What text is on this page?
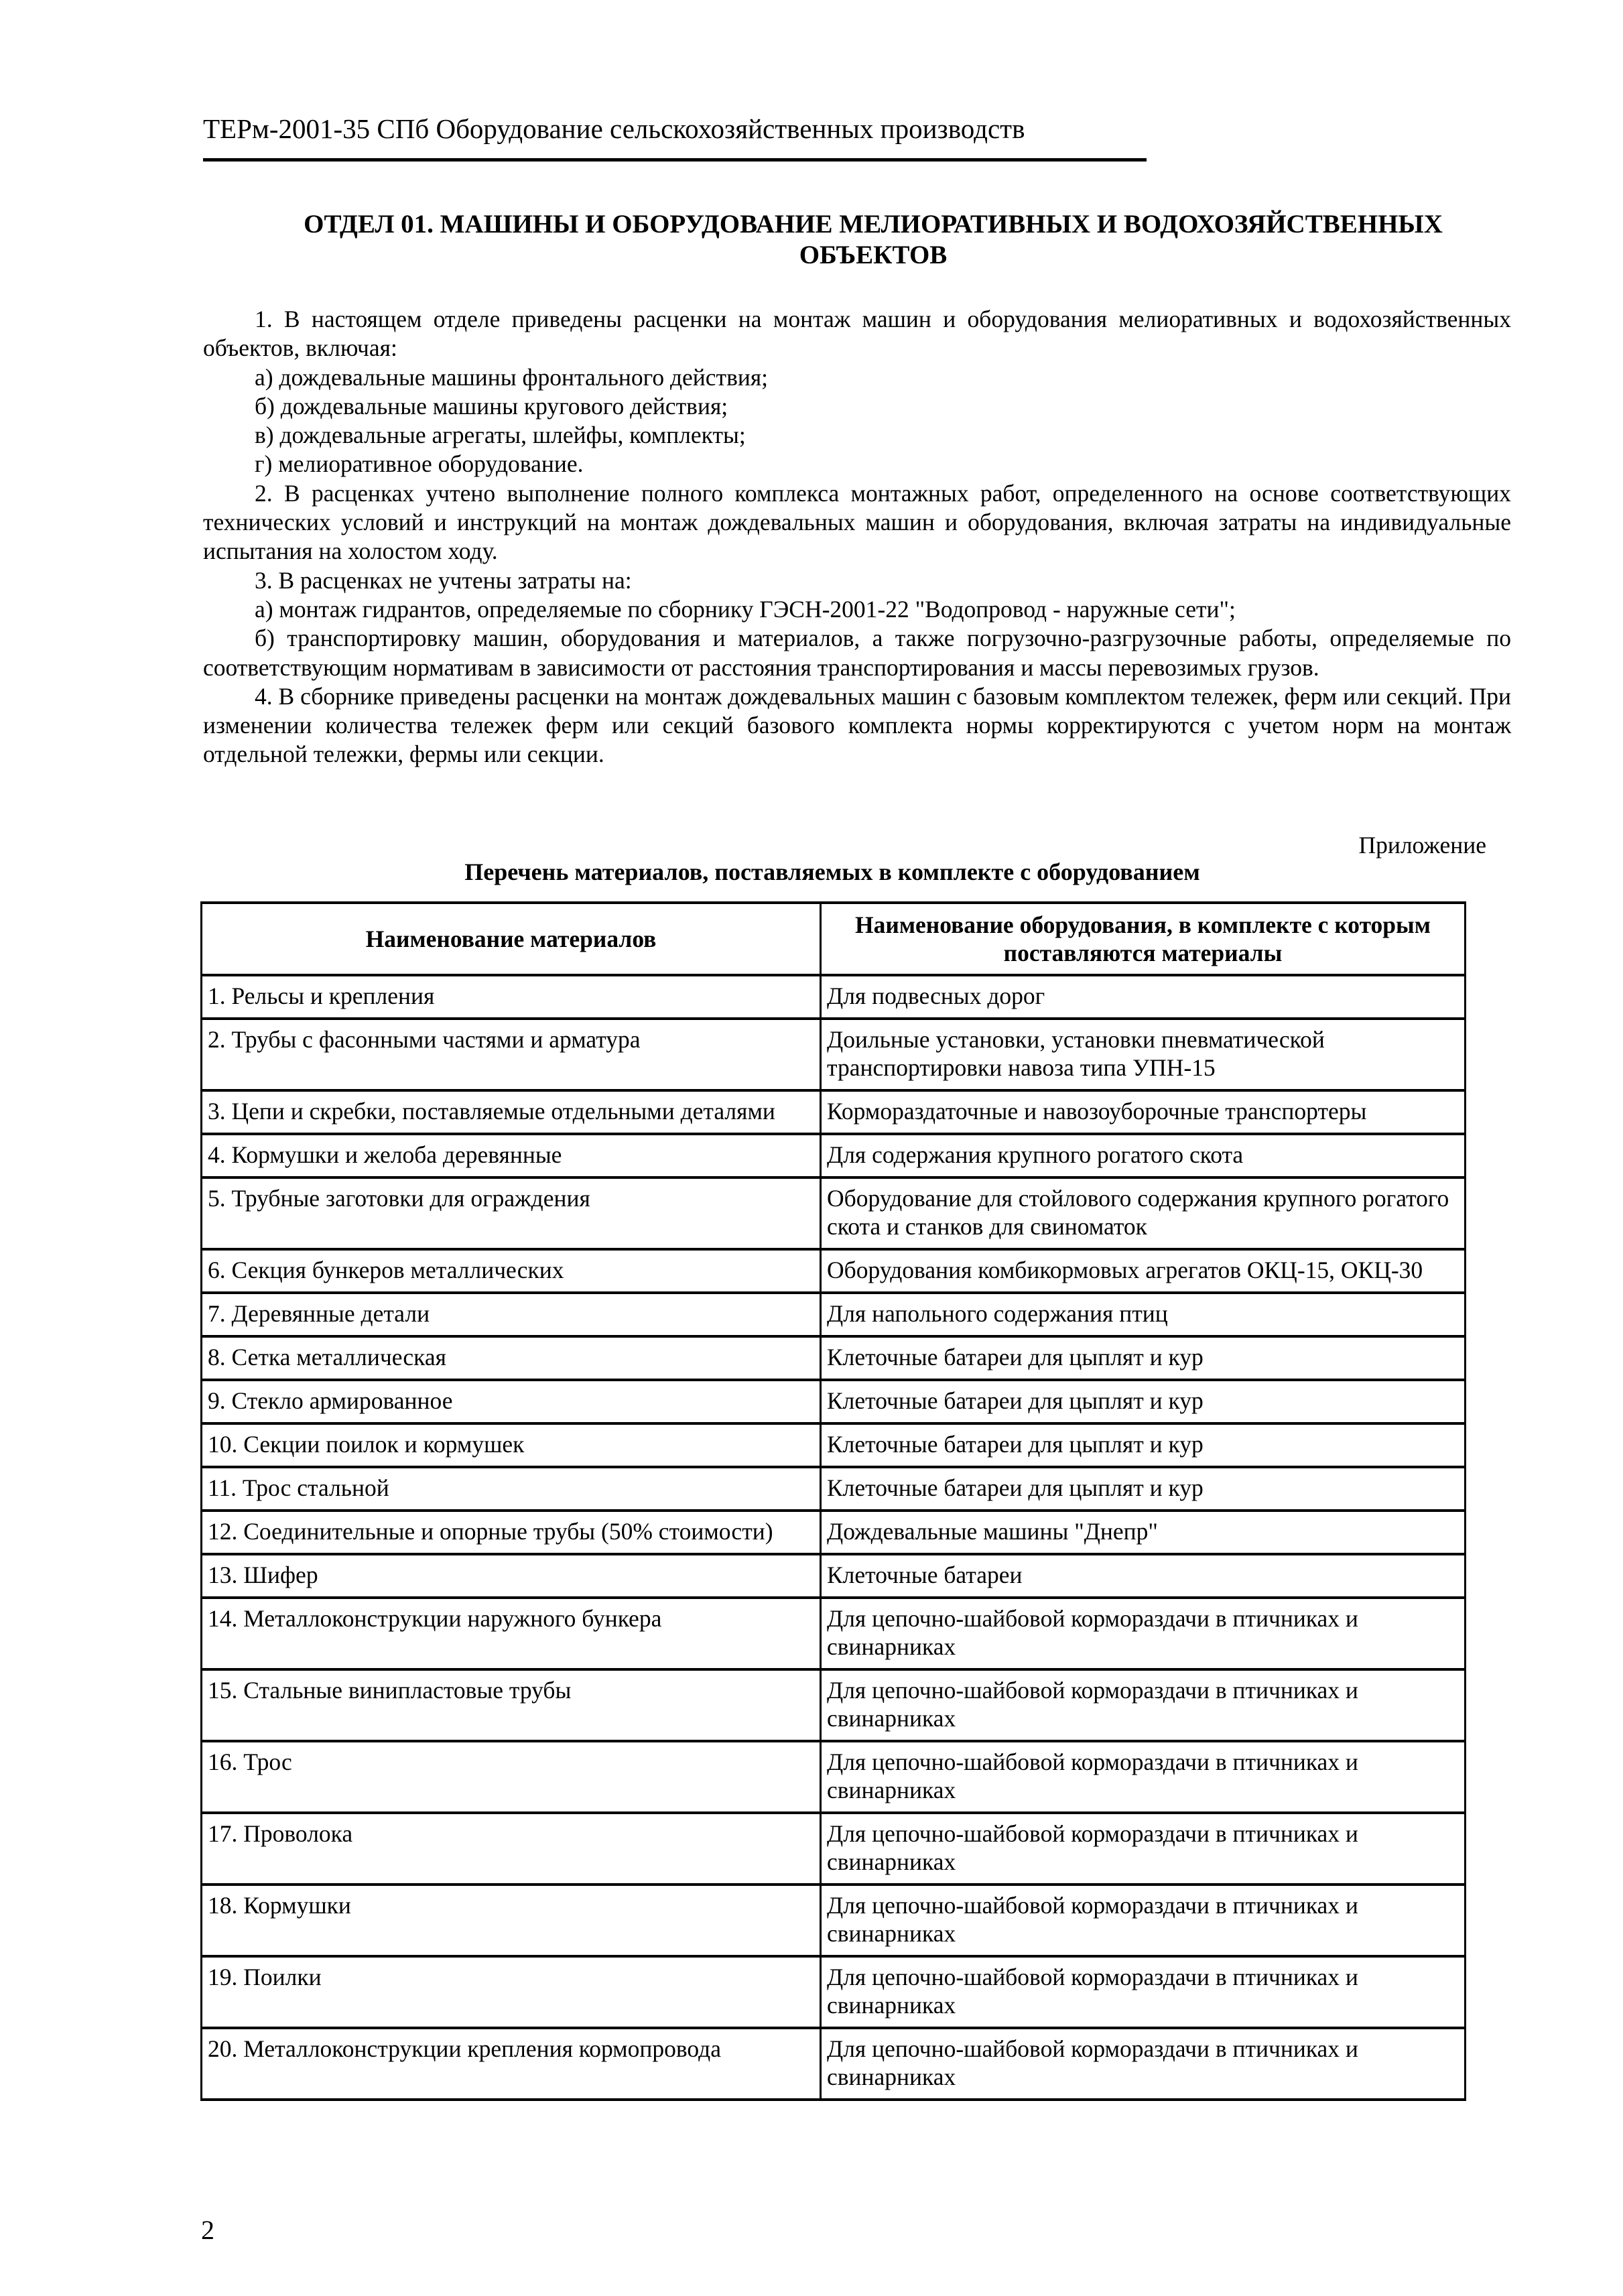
ТЕРм-2001-35 СПб Оборудование сельскохозяйственных производств
ОТДЕЛ 01. МАШИНЫ И ОБОРУДОВАНИЕ МЕЛИОРАТИВНЫХ И ВОДОХОЗЯЙСТВЕННЫХ
ОБЪЕКТОВ

1. В настоящем отделе приведены расценки на монтаж машин и оборудования мелиоративных и водохозяйственных объектов, включая:

а) дождевальные машины фронтального действия;

б) дождевальные машины кругового действия;

в) дождевальные агрегаты, шлейфы, комплекты;

г) мелиоративное оборудование.

2. В расценках учтено выполнение полного комплекса монтажных работ, определенного на основе соответствующих технических условий и инструкций на монтаж дождевальных машин и оборудования, включая затраты на индивидуальные испытания на холостом ходу.

3. В расценках не учтены затраты на:

а) монтаж гидрантов, определяемые по сборнику ГЭСН-2001-22 "Водопровод - наружные сети";

б) транспортировку машин, оборудования и материалов, а также погрузочно-разгрузочные работы, определяемые по соответствующим нормативам в зависимости от расстояния транспортирования и массы перевозимых грузов.

4. В сборнике приведены расценки на монтаж дождевальных машин с базовым комплектом тележек, ферм или секций. При изменении количества тележек ферм или секций базового комплекта нормы корректируются с учетом норм на монтаж отдельной тележки, фермы или секции.

Приложение
Перечень материалов, поставляемых в комплекте с оборудованием
Наименование материалов	Наименование оборудования, в комплекте с которым поставляются материалы
1. Рельсы и крепления	Для подвесных дорог
2. Трубы с фасонными частями и арматура	Доильные установки, установки пневматической транспортировки навоза типа УПН-15
3. Цепи и скребки, поставляемые отдельными деталями	Кормораздаточные и навозоуборочные транспортеры
4. Кормушки и желоба деревянные	Для содержания крупного рогатого скота
5. Трубные заготовки для ограждения	Оборудование для стойлового содержания крупного рогатого скота и станков для свиноматок
6. Секция бункеров металлических	Оборудования комбикормовых агрегатов ОКЦ-15, ОКЦ-30
7. Деревянные детали	Для напольного содержания птиц
8. Сетка металлическая	Клеточные батареи для цыплят и кур
9. Стекло армированное	Клеточные батареи для цыплят и кур
10. Секции поилок и кормушек	Клеточные батареи для цыплят и кур
11. Трос стальной	Клеточные батареи для цыплят и кур
12. Соединительные и опорные трубы (50% стоимости)	Дождевальные машины "Днепр"
13. Шифер	Клеточные батареи
14. Металлоконструкции наружного бункера	Для цепочно-шайбовой кормораздачи в птичниках и свинарниках
15. Стальные винипластовые трубы	Для цепочно-шайбовой кормораздачи в птичниках и свинарниках
16. Трос	Для цепочно-шайбовой кормораздачи в птичниках и свинарниках
17. Проволока	Для цепочно-шайбовой кормораздачи в птичниках и свинарниках
18. Кормушки	Для цепочно-шайбовой кормораздачи в птичниках и свинарниках
19. Поилки	Для цепочно-шайбовой кормораздачи в птичниках и свинарниках
20. Металлоконструкции крепления кормопровода	Для цепочно-шайбовой кормораздачи в птичниках и свинарниках
2
